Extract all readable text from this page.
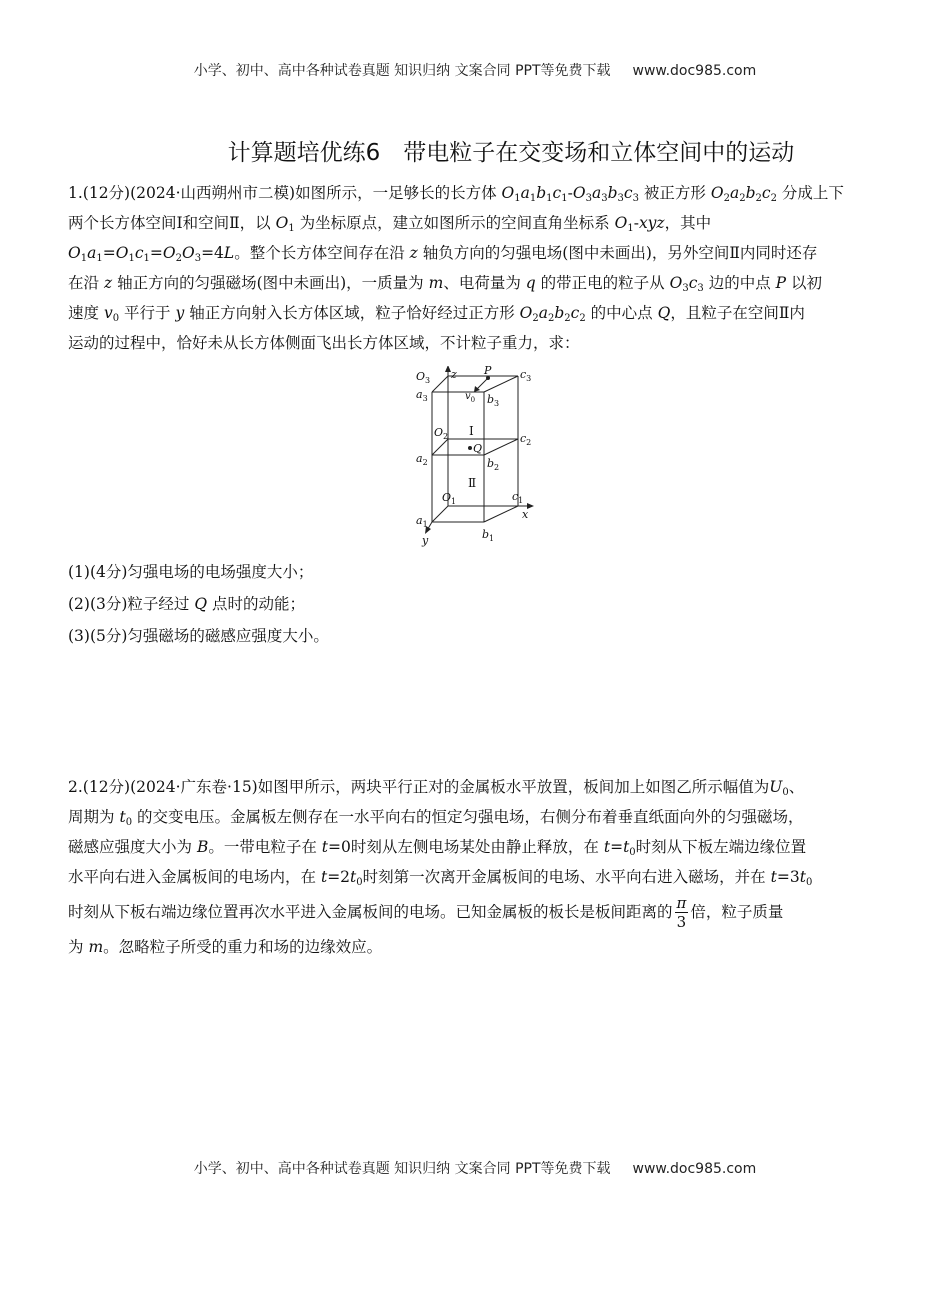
小学、初中、高中各种试卷真题 知识归纳 文案合同 PPT等免费下载 www.doc985.com
计算题培优练6　带电粒子在交变场和立体空间中的运动
1.(12分)(2024·山西朔州市二模)如图所示，一足够长的长方体 $O_1a_1b_1c_1-O_3a_3b_3c_3$ 被正方形 $O_2a_2b_2c_2$ 分成上下
两个长方体空间Ⅰ和空间Ⅱ，以 $O_1$ 为坐标原点，建立如图所示的空间直角坐标系 $O_1$-xyz，其中
$O_1a_1=O_1c_1=O_2O_3=4L$。整个长方体空间存在沿 z 轴负方向的匀强电场(图中未画出)，另外空间Ⅱ内同时还存
在沿 z 轴正方向的匀强磁场(图中未画出)，一质量为 m、电荷量为 q 的带正电的粒子从 $O_3c_3$ 边的中点 P 以初
速度 $v_0$ 平行于 y 轴正方向射入长方体区域，粒子恰好经过正方形 $O_2a_2b_2c_2$ 的中心点 Q，且粒子在空间Ⅱ内
运动的过程中，恰好未从长方体侧面飞出长方体区域，不计粒子重力，求：
$O_3$ z P	$c_3$
$a_3$	$v_0$ $b_3$
$O_2$ Ⅰ
$c_2$
Q
$a_2$	$b_2$
Ⅱ
$O_1$	$c_1$
x
$a_1$
y	$b_1$
(1)(4分)匀强电场的电场强度大小；
(2)(3分)粒子经过 Q 点时的动能；
(3)(5分)匀强磁场的磁感应强度大小。
2.(12分)(2024·广东卷·15)如图甲所示，两块平行正对的金属板水平放置，板间加上如图乙所示幅值为$U_0$、
周期为 $t_0$ 的交变电压。金属板左侧存在一水平向右的恒定匀强电场，右侧分布着垂直纸面向外的匀强磁场，
磁感应强度大小为 B。一带电粒子在 t=0时刻从左侧电场某处由静止释放，在 $t=t_0$时刻从下板左端边缘位置
水平向右进入金属板间的电场内，在 $t=2t_0$时刻第一次离开金属板间的电场、水平向右进入磁场，并在 $t=3t_0$
时刻从下板右端边缘位置再次水平进入金属板间的电场。已知金属板的板长是板间距离的 $\frac{\pi}{3}$ 倍，粒子质量
为 m。忽略粒子所受的重力和场的边缘效应。
小学、初中、高中各种试卷真题 知识归纳 文案合同 PPT等免费下载 www.doc985.com
